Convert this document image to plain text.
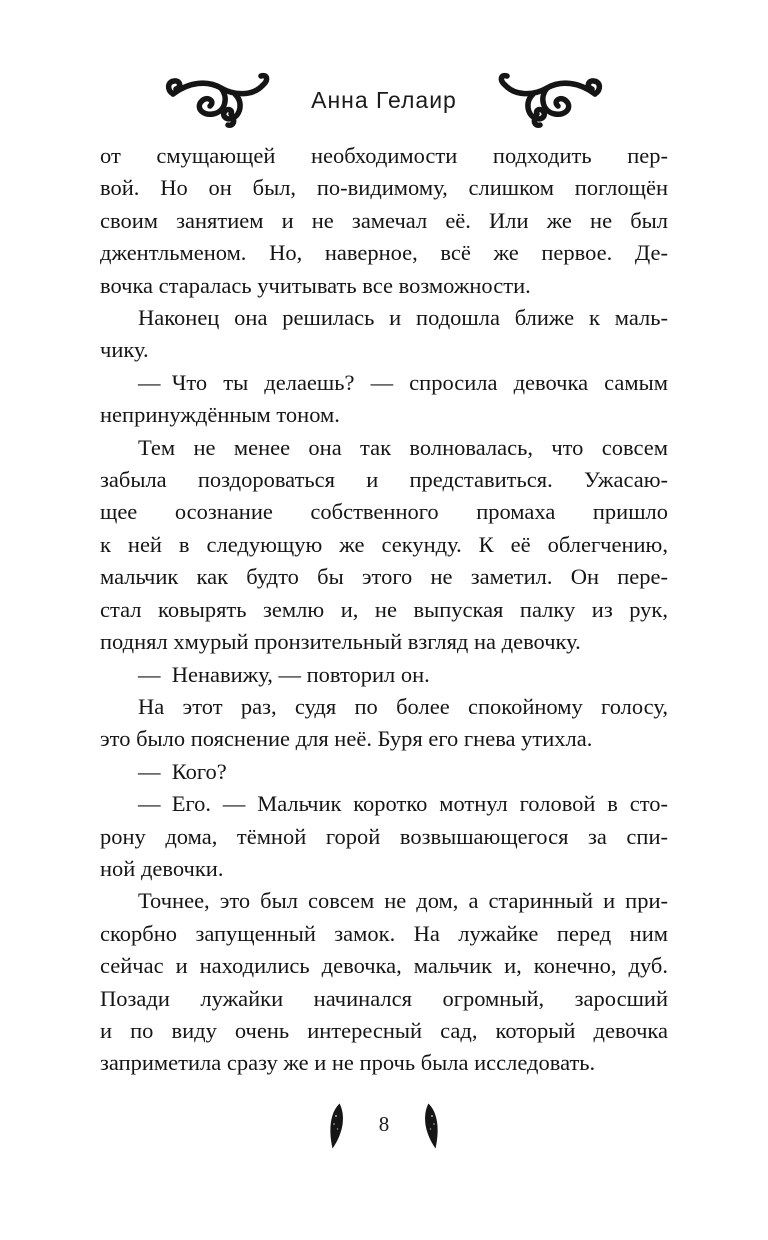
Анна Гелаир
от смущающей необходимости подходить пер-
вой. Но он был, по-видимому, слишком поглощён
своим занятием и не замечал её. Или же не был
джентльменом. Но, наверное, всё же первое. Де-
вочка старалась учитывать все возможности.
Наконец она решилась и подошла ближе к маль-
чику.
— Что ты делаешь? — спросила девочка самым
непринуждённым тоном.
Тем не менее она так волновалась, что совсем
забыла поздороваться и представиться. Ужасаю-
щее осознание собственного промаха пришло
к ней в следующую же секунду. К её облегчению,
мальчик как будто бы этого не заметил. Он пере-
стал ковырять землю и, не выпуская палку из рук,
поднял хмурый пронзительный взгляд на девочку.
— Ненавижу, — повторил он.
На этот раз, судя по более спокойному голосу,
это было пояснение для неё. Буря его гнева утихла.
— Кого?
— Его. — Мальчик коротко мотнул головой в сто-
рону дома, тёмной горой возвышающегося за спи-
ной девочки.
Точнее, это был совсем не дом, а старинный и при-
скорбно запущенный замок. На лужайке перед ним
сейчас и находились девочка, мальчик и, конечно, дуб.
Позади лужайки начинался огромный, заросший
и по виду очень интересный сад, который девочка
заприметила сразу же и не прочь была исследовать.
8
